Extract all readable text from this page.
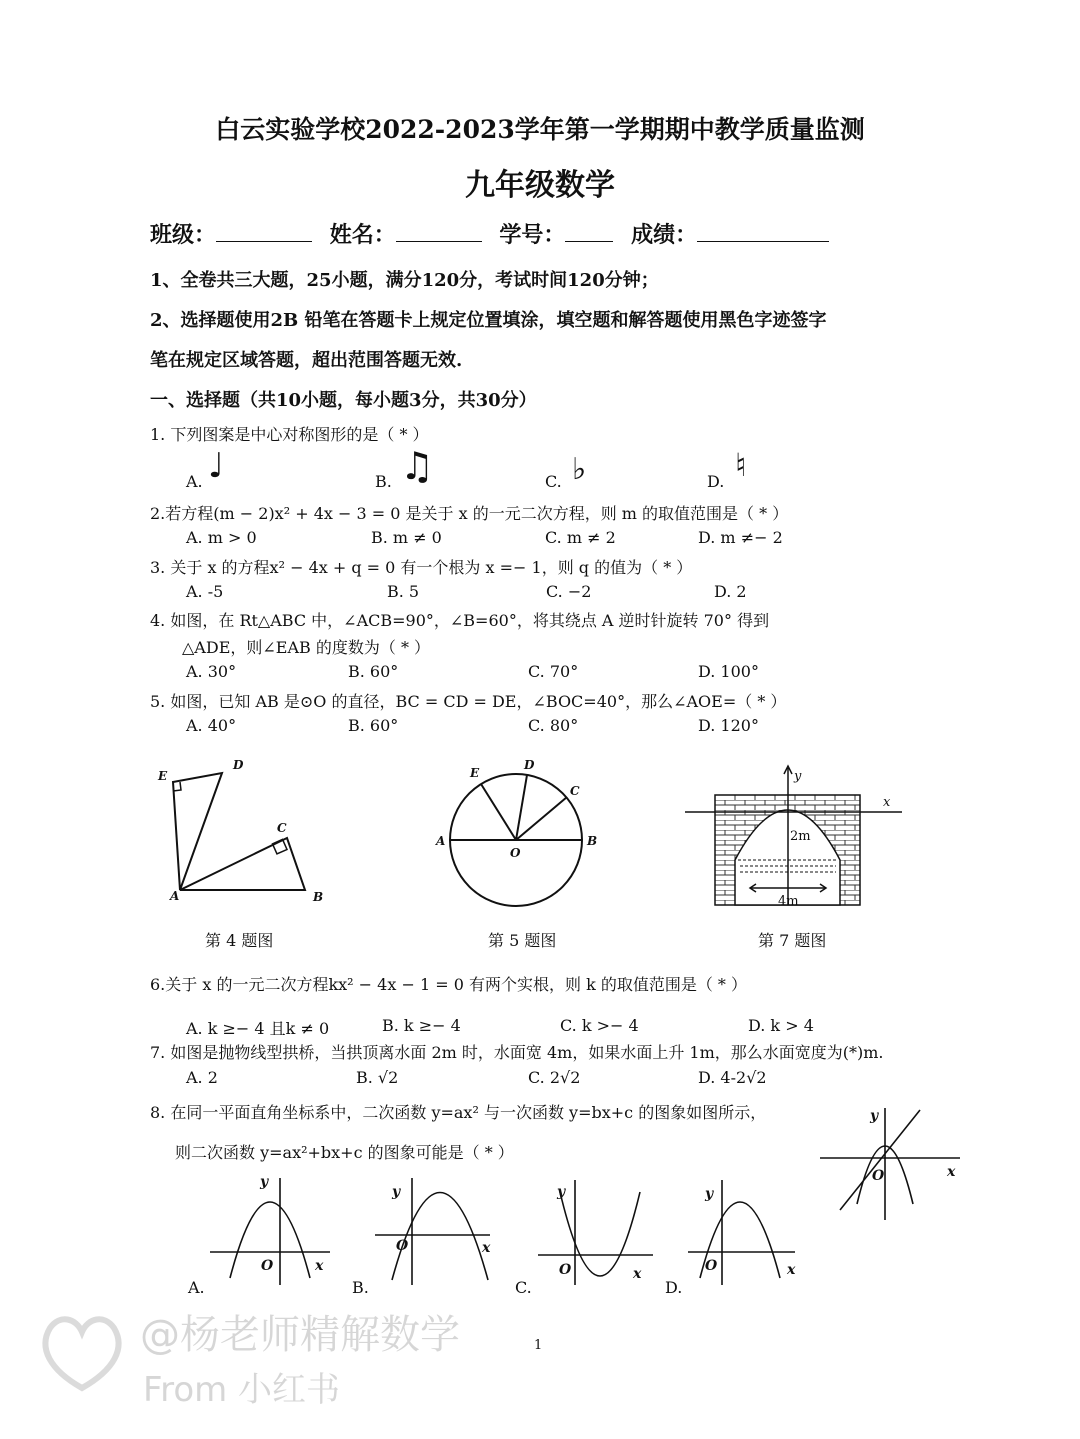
白云实验学校2022-2023学年第一学期期中教学质量监测
九年级数学
班级：	姓名：	学号：	成绩：
1、全卷共三大题，25小题，满分120分，考试时间120分钟；
2、选择题使用2B 铅笔在答题卡上规定位置填涂，填空题和解答题使用黑色字迹签字
笔在规定区域答题，超出范围答题无效.
一、选择题（共10小题，每小题3分，共30分）
1. 下列图案是中心对称图形的是（ * ）
A. ♩	B. ♫	C. ♭	D. ♮
2.若方程(m − 2)x² + 4x − 3 = 0 是关于 x 的一元二次方程，则 m 的取值范围是（ * ）
A. m > 0	B. m ≠ 0	C. m ≠ 2	D. m ≠− 2
3. 关于 x 的方程x² − 4x + q = 0 有一个根为 x =− 1，则 q 的值为（ * ）
A. -5	B. 5	C. −2	D. 2
4. 如图，在 Rt△ABC 中，∠ACB=90°，∠B=60°，将其绕点 A 逆时针旋转 70° 得到
△ADE，则∠EAB 的度数为（ * ）
A. 30°	B. 60°	C. 70°	D. 100°
5. 如图，已知 AB 是⊙O 的直径，BC = CD = DE，∠BOC=40°，那么∠AOE=（ * ）
A. 40°	B. 60°	C. 80°	D. 120°
E
D
C
A	B
第 4 题图
E
D
C
A
O
B
第 5 题图
y
x
2m
4m
第 7 题图
6.关于 x 的一元二次方程kx² − 4x − 1 = 0 有两个实根，则 k 的取值范围是（ * ）
A. k ≥− 4 且k ≠ 0	B. k ≥− 4	C. k >− 4	D. k > 4
7. 如图是抛物线型拱桥，当拱顶离水面 2m 时，水面宽 4m，如果水面上升 1m，那么水面宽度为(*)m.
A. 2	B. √2	C. 2√2	D. 4-2√2
8. 在同一平面直角坐标系中，二次函数 y=ax² 与一次函数 y=bx+c 的图象如图所示，
则二次函数 y=ax²+bx+c 的图象可能是（ * ）
y
x
O
A.
y
x
O
B.
y
x
O
C.
y
x
O
D.
y
x
O
1
@杨老师精解数学
From 小红书
